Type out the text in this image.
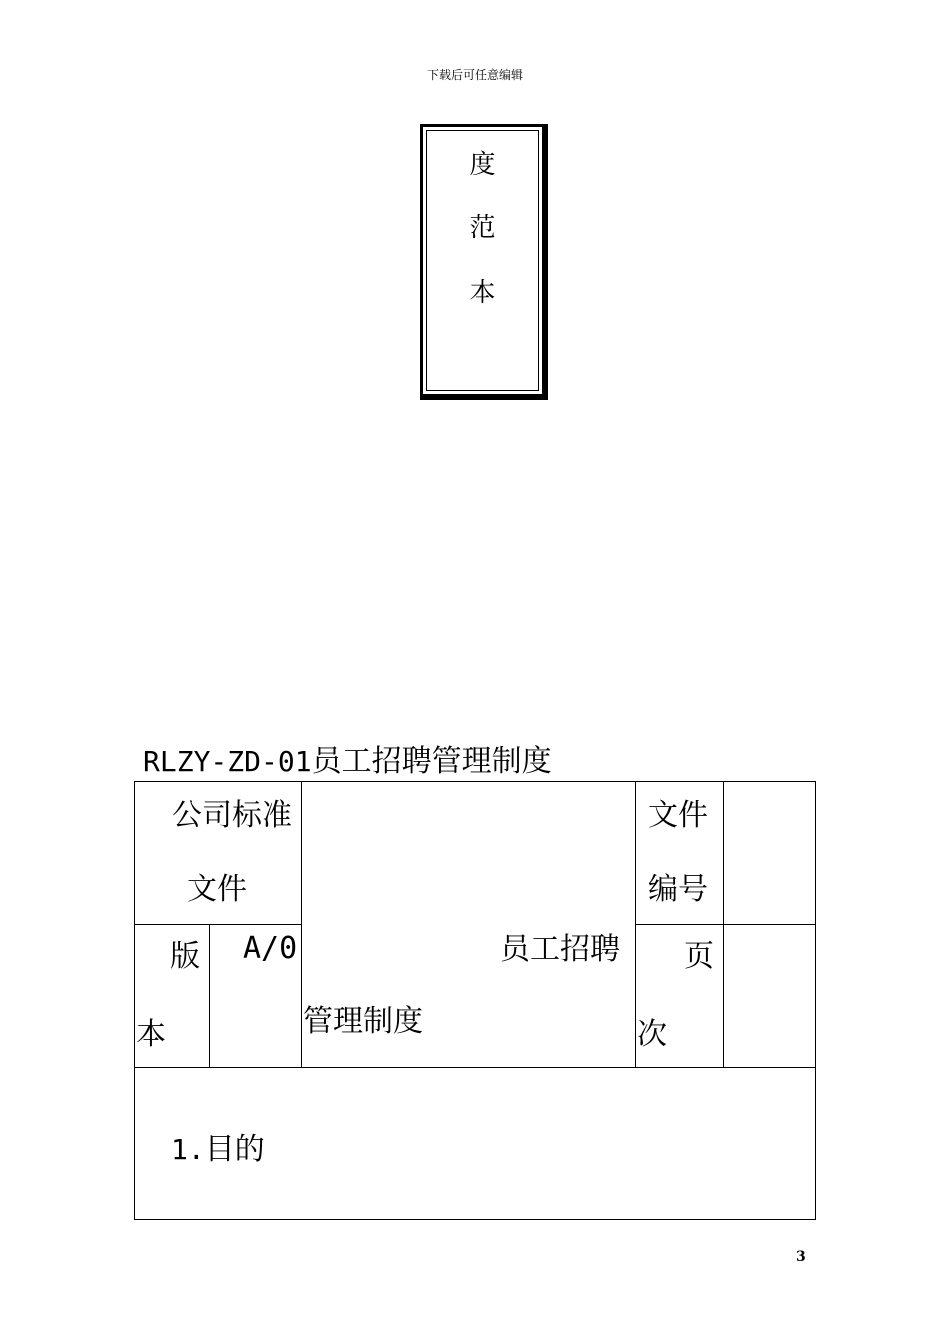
下载后可任意编辑
度
范
本
RLZY-ZD-01员工招聘管理制度
公司标准
文件
员工招聘
管理制度
文件
编号
版
本
A/0	页
次
1.目的
3
